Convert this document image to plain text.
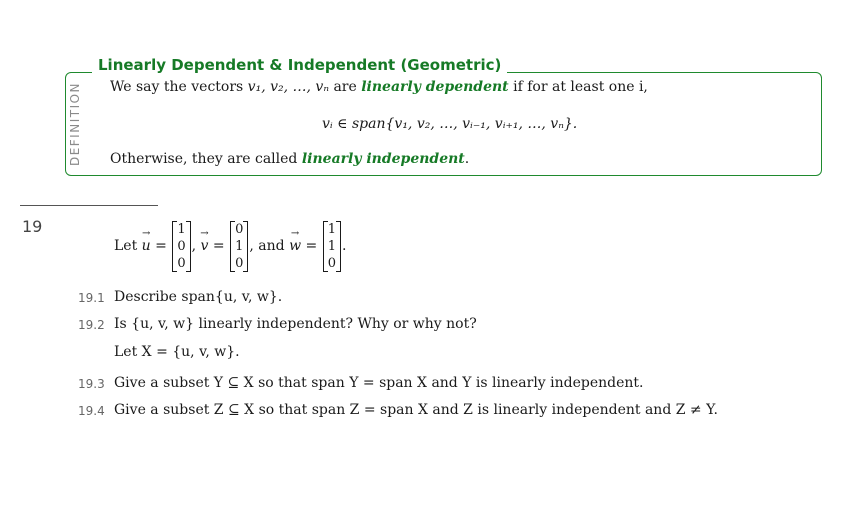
Linearly Dependent & Independent (Geometric)
DEFINITION We say the vectors v₁, v₂, …, vₙ are linearly dependent if for at least one i,
vᵢ ∈ span{v₁, v₂, …, vᵢ₋₁, vᵢ₊₁, …, vₙ}.
Otherwise, they are called linearly independent.
19
Let
→ u =
1
0
0
, → v =
0
1
0
, and
→ w =
1
1
0
.
19.1 Describe span{u, v, w}.
19.2 Is {u, v, w} linearly independent? Why or why not?
Let X = {u, v, w}.
19.3 Give a subset Y ⊆ X so that span Y = span X and Y is linearly independent.
19.4 Give a subset Z ⊆ X so that span Z = span X and Z is linearly independent and Z ≠ Y.
